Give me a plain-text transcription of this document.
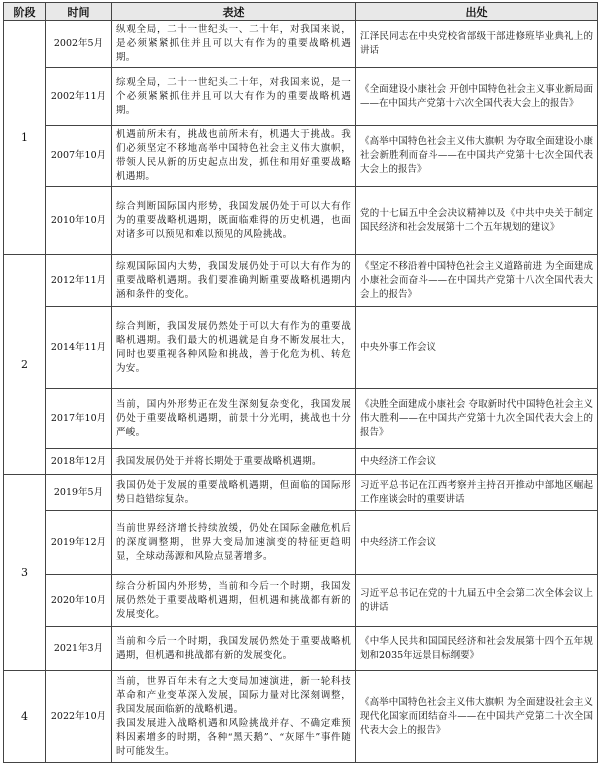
阶段	时间	表述	出处
1	2002年5月	纵观全局，二十一世纪头一、二十年，对我国来说，是必须紧紧抓住并且可以大有作为的重要战略机遇期。	江泽民同志在中央党校省部级干部进修班毕业典礼上的讲话
	2002年11月	综观全局，二十一世纪头二十年，对我国来说，是一个必须紧紧抓住并且可以大有作为的重要战略机遇期。	《全面建设小康社会 开创中国特色社会主义事业新局面——在中国共产党第十六次全国代表大会上的报告》
	2007年10月	机遇前所未有，挑战也前所未有，机遇大于挑战。我们必须坚定不移地高举中国特色社会主义伟大旗帜，带领人民从新的历史起点出发，抓住和用好重要战略机遇期。	《高举中国特色社会主义伟大旗帜 为夺取全面建设小康社会新胜利而奋斗——在中国共产党第十七次全国代表大会上的报告》
	2010年10月	综合判断国际国内形势，我国发展仍处于可以大有作为的重要战略机遇期，既面临难得的历史机遇，也面对诸多可以预见和难以预见的风险挑战。	党的十七届五中全会决议精神以及《中共中央关于制定国民经济和社会发展第十二个五年规划的建议》
2	2012年11月	综观国际国内大势，我国发展仍处于可以大有作为的重要战略机遇期。我们要准确判断重要战略机遇期内涵和条件的变化。	《坚定不移沿着中国特色社会主义道路前进 为全面建成小康社会而奋斗——在中国共产党第十八次全国代表大会上的报告》
	2014年11月	综合判断，我国发展仍然处于可以大有作为的重要战略机遇期。我们最大的机遇就是自身不断发展壮大，同时也要重视各种风险和挑战，善于化危为机、转危为安。	中央外事工作会议
	2017年10月	当前，国内外形势正在发生深刻复杂变化，我国发展仍处于重要战略机遇期，前景十分光明，挑战也十分严峻。	《决胜全面建成小康社会 夺取新时代中国特色社会主义伟大胜利——在中国共产党第十九次全国代表大会上的报告》
	2018年12月	我国发展仍处于并将长期处于重要战略机遇期。	中央经济工作会议
3	2019年5月	我国仍处于发展的重要战略机遇期，但面临的国际形势日趋错综复杂。	习近平总书记在江西考察并主持召开推动中部地区崛起工作座谈会时的重要讲话
	2019年12月	当前世界经济增长持续放缓，仍处在国际金融危机后的深度调整期，世界大变局加速演变的特征更趋明显，全球动荡源和风险点显著增多。	中央经济工作会议
	2020年10月	综合分析国内外形势，当前和今后一个时期，我国发展仍然处于重要战略机遇期，但机遇和挑战都有新的发展变化。	习近平总书记在党的十九届五中全会第二次全体会议上的讲话
	2021年3月	当前和今后一个时期，我国发展仍然处于重要战略机遇期，但机遇和挑战都有新的发展变化。	《中华人民共和国国民经济和社会发展第十四个五年规划和2035年远景目标纲要》
4	2022年10月	当前，世界百年未有之大变局加速演进，新一轮科技革命和产业变革深入发展，国际力量对比深刻调整，我国发展面临新的战略机遇。
我国发展进入战略机遇和风险挑战并存、不确定难预料因素增多的时期，各种“黑天鹅”、“灰犀牛”事件随时可能发生。	《高举中国特色社会主义伟大旗帜 为全面建设社会主义现代化国家而团结奋斗——在中国共产党第二十次全国代表大会上的报告》
